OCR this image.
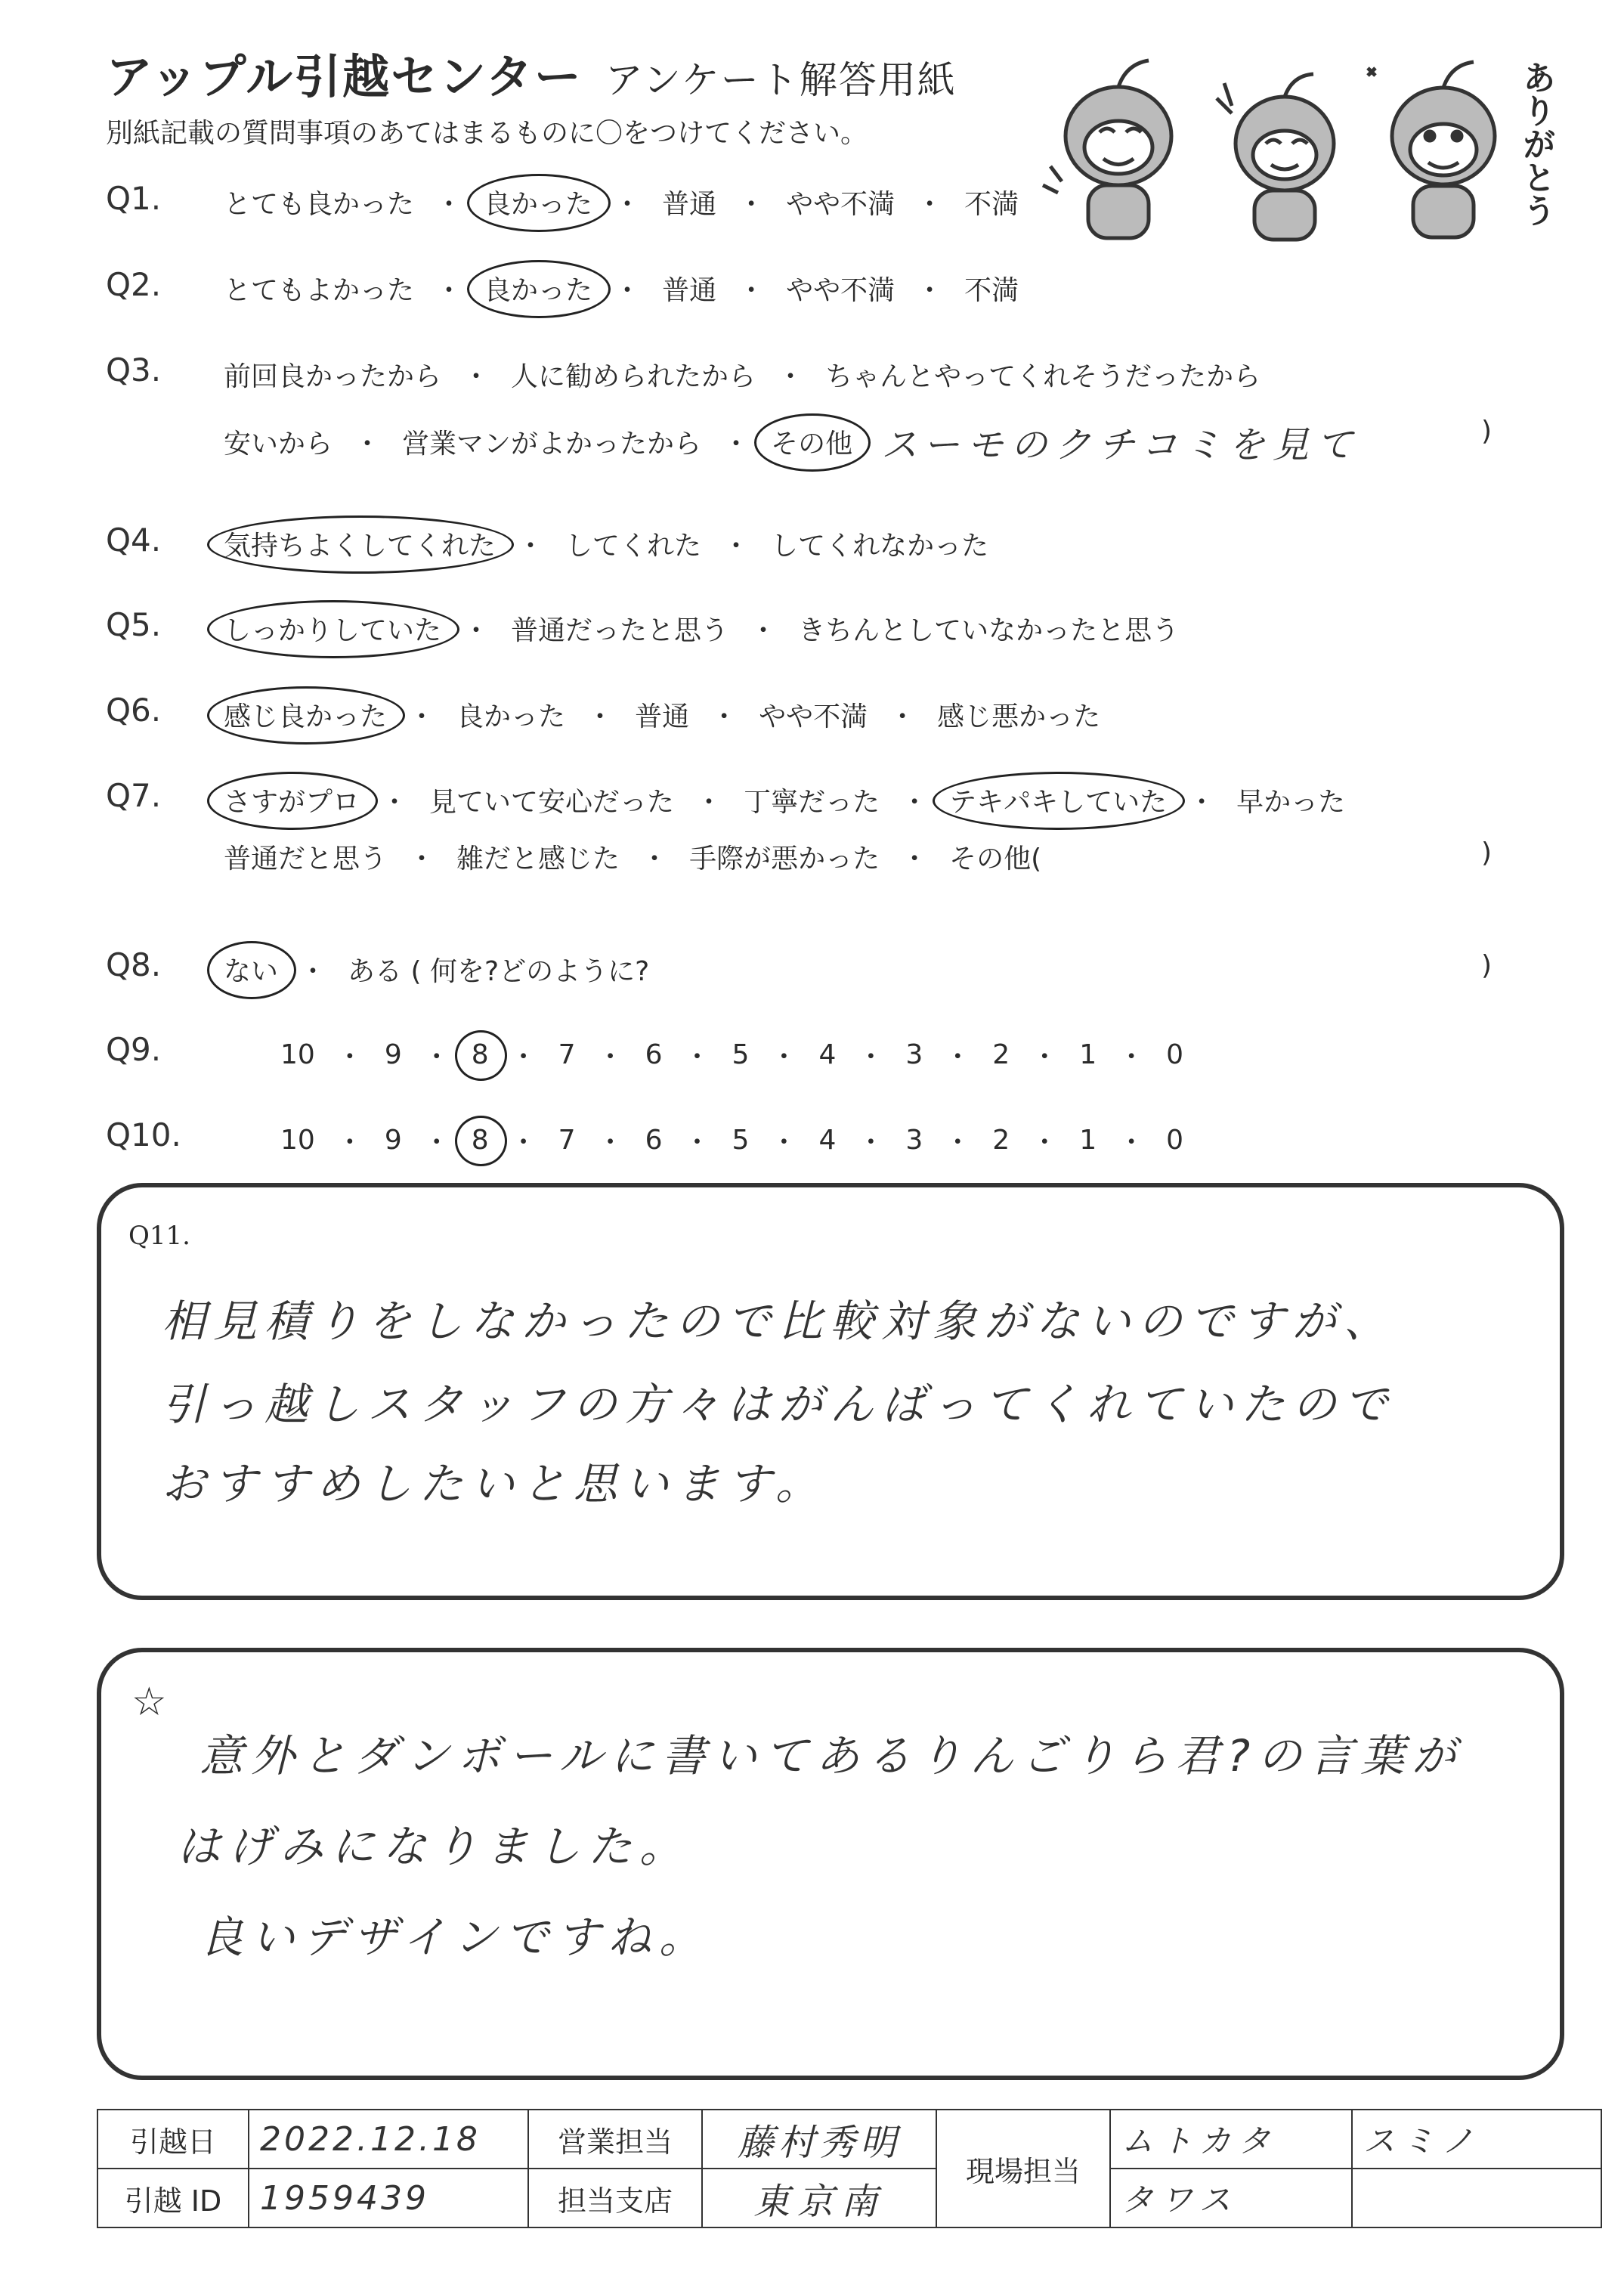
アップル引越センター アンケート解答用紙
別紙記載の質問事項のあてはまるものに〇をつけてください。	ありがとう
Q1. とても良かった ・ 良かった ・ 普通 ・ やや不満 ・ 不満
Q2. とてもよかった ・ 良かった ・ 普通 ・ やや不満 ・ 不満
Q3. 前回良かったから ・ 人に勧められたから ・ ちゃんとやってくれそうだったから
安いから ・ 営業マンがよかったから ・ その他 スーモのクチコミを見て	)
Q4. 気持ちよくしてくれた ・ してくれた ・ してくれなかった
Q5. しっかりしていた ・ 普通だったと思う ・ きちんとしていなかったと思う
Q6. 感じ良かった ・ 良かった ・ 普通 ・ やや不満 ・ 感じ悪かった
Q7. さすがプロ ・ 見ていて安心だった ・ 丁寧だった ・ テキパキしていた ・ 早かった
普通だと思う ・ 雑だと感じた ・ 手際が悪かった ・ その他(	)
Q8. ない ・ ある ( 何を?どのように?	)
Q9.	10 ・ 9 ・ 8 ・ 7 ・ 6 ・ 5 ・ 4 ・ 3 ・ 2 ・ 1 ・ 0
Q10.	10 ・ 9 ・ 8 ・ 7 ・ 6 ・ 5 ・ 4 ・ 3 ・ 2 ・ 1 ・ 0
Q11.
相見積りをしなかったので比較対象がないのですが、
引っ越しスタッフの方々はがんばってくれていたので
おすすめしたいと思います。
☆
意外とダンボールに書いてあるりんごりら君?の言葉が
はげみになりました。
良いデザインですね。
引越日	2022.12.18	営業担当	藤村秀明	現場担当	ムトカタ	スミノ
引越 ID	1959439	担当支店	東京南		タワス	
